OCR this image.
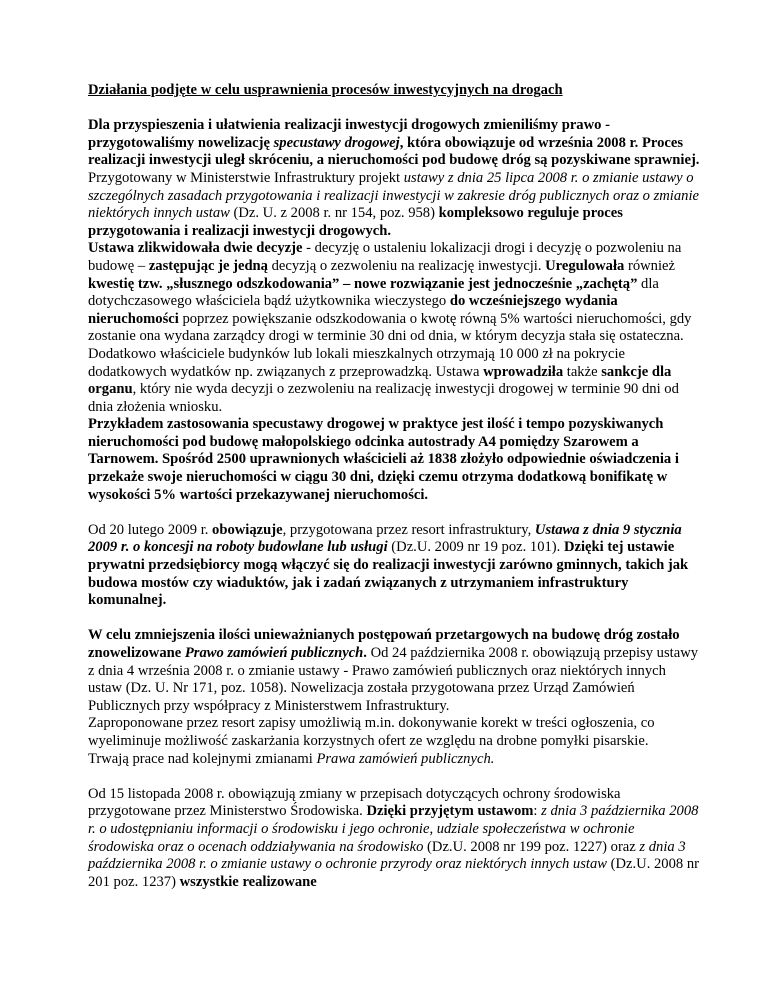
Działania podjęte w celu usprawnienia procesów inwestycyjnych na drogach
Dla przyspieszenia i ułatwienia realizacji inwestycji drogowych zmieniliśmy prawo - przygotowaliśmy nowelizację specustawy drogowej, która obowiązuje od września 2008 r. Proces realizacji inwestycji uległ skróceniu, a nieruchomości pod budowę dróg są pozyskiwane sprawniej.
Przygotowany w Ministerstwie Infrastruktury projekt ustawy z dnia 25 lipca 2008 r. o zmianie ustawy o szczególnych zasadach przygotowania i realizacji inwestycji w zakresie dróg publicznych oraz o zmianie niektórych innych ustaw (Dz. U. z 2008 r. nr 154, poz. 958) kompleksowo reguluje proces przygotowania i realizacji inwestycji drogowych.
Ustawa zlikwidowała dwie decyzje - decyzję o ustaleniu lokalizacji drogi i decyzję o pozwoleniu na budowę – zastępując je jedną decyzją o zezwoleniu na realizację inwestycji. Uregulowała również kwestię tzw. „słusznego odszkodowania” – nowe rozwiązanie jest jednocześnie „zachętą” dla dotychczasowego właściciela bądź użytkownika wieczystego do wcześniejszego wydania nieruchomości poprzez powiększanie odszkodowania o kwotę równą 5% wartości nieruchomości, gdy zostanie ona wydana zarządcy drogi w terminie 30 dni od dnia, w którym decyzja stała się ostateczna. Dodatkowo właściciele budynków lub lokali mieszkalnych otrzymają 10 000 zł na pokrycie dodatkowych wydatków np. związanych z przeprowadzką. Ustawa wprowadziła także sankcje dla organu, który nie wyda decyzji o zezwoleniu na realizację inwestycji drogowej w terminie 90 dni od dnia złożenia wniosku.
Przykładem zastosowania specustawy drogowej w praktyce jest ilość i tempo pozyskiwanych nieruchomości pod budowę małopolskiego odcinka autostrady A4 pomiędzy Szarowem a Tarnowem. Spośród 2500 uprawnionych właścicieli aż 1838 złożyło odpowiednie oświadczenia i przekaże swoje nieruchomości w ciągu 30 dni, dzięki czemu otrzyma dodatkową bonifikatę w wysokości 5% wartości przekazywanej nieruchomości.
Od 20 lutego 2009 r. obowiązuje, przygotowana przez resort infrastruktury, Ustawa z dnia 9 stycznia 2009 r. o koncesji na roboty budowlane lub usługi (Dz.U. 2009 nr 19 poz. 101). Dzięki tej ustawie prywatni przedsiębiorcy mogą włączyć się do realizacji inwestycji zarówno gminnych, takich jak budowa mostów czy wiaduktów, jak i zadań związanych z utrzymaniem infrastruktury komunalnej.
W celu zmniejszenia ilości unieważnianych postępowań przetargowych na budowę dróg zostało znowelizowane Prawo zamówień publicznych. Od 24 października 2008 r. obowiązują przepisy ustawy z dnia 4 września 2008 r. o zmianie ustawy - Prawo zamówień publicznych oraz niektórych innych ustaw (Dz. U. Nr 171, poz. 1058). Nowelizacja została przygotowana przez Urząd Zamówień Publicznych przy współpracy z Ministerstwem Infrastruktury.
Zaproponowane przez resort zapisy umożliwią m.in. dokonywanie korekt w treści ogłoszenia, co wyeliminuje możliwość zaskarżania korzystnych ofert ze względu na drobne pomyłki pisarskie.
Trwają prace nad kolejnymi zmianami Prawa zamówień publicznych.
Od 15 listopada 2008 r. obowiązują zmiany w przepisach dotyczących ochrony środowiska przygotowane przez Ministerstwo Środowiska. Dzięki przyjętym ustawom: z dnia 3 października 2008 r. o udostępnianiu informacji o środowisku i jego ochronie, udziale społeczeństwa w ochronie środowiska oraz o ocenach oddziaływania na środowisko (Dz.U. 2008 nr 199 poz. 1227) oraz z dnia 3 października 2008 r. o zmianie ustawy o ochronie przyrody oraz niektórych innych ustaw (Dz.U. 2008 nr 201 poz. 1237) wszystkie realizowane
